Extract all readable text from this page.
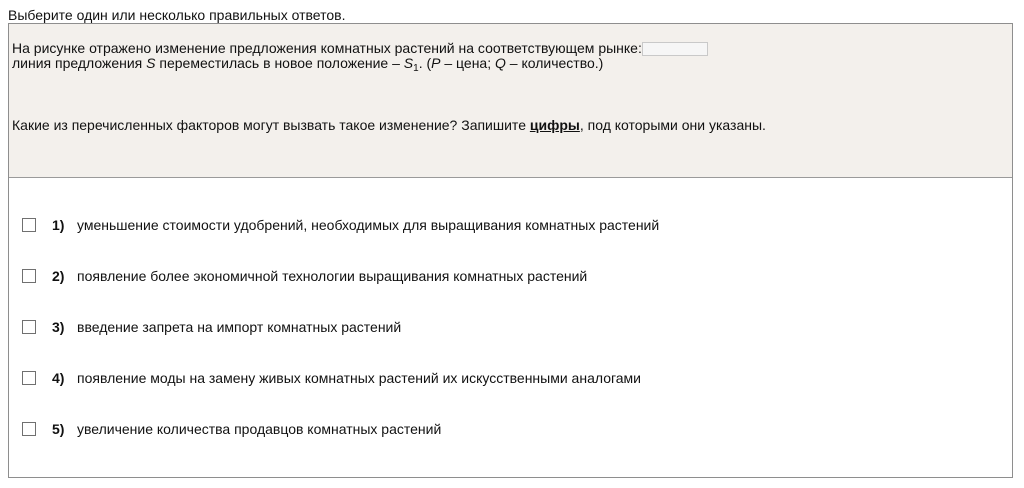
Выберите один или несколько правильных ответов.
На рисунке отражено изменение предложения комнатных растений на соответствующем рынке:
линия предложения S переместилась в новое положение – $S_1$. (P – цена; Q – количество.)
Какие из перечисленных факторов могут вызвать такое изменение? Запишите цифры, под которыми они указаны.
1) уменьшение стоимости удобрений, необходимых для выращивания комнатных растений
2) появление более экономичной технологии выращивания комнатных растений
3) введение запрета на импорт комнатных растений
4) появление моды на замену живых комнатных растений их искусственными аналогами
5) увеличение количества продавцов комнатных растений
